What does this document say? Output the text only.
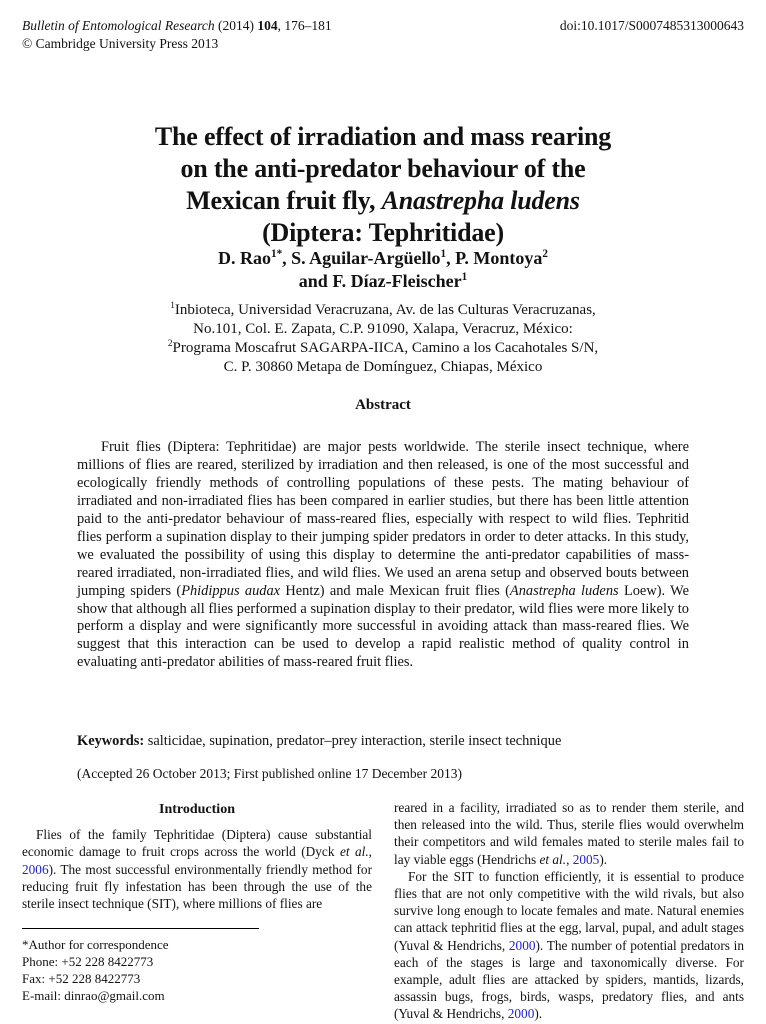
Bulletin of Entomological Research (2014) 104, 176–181	doi:10.1017/S0007485313000643
© Cambridge University Press 2013
The effect of irradiation and mass rearing
on the anti-predator behaviour of the
Mexican fruit fly, Anastrepha ludens
(Diptera: Tephritidae)
D. Rao$^{1*}$, S. Aguilar-Argüello$^1$, P. Montoya$^2$
and F. Díaz-Fleischer$^1$
$^1$Inbioteca, Universidad Veracruzana, Av. de las Culturas Veracruzanas,
No.101, Col. E. Zapata, C.P. 91090, Xalapa, Veracruz, México:
$^2$Programa Moscafrut SAGARPA-IICA, Camino a los Cacahotales S/N,
C. P. 30860 Metapa de Domínguez, Chiapas, México
Abstract

Fruit flies (Diptera: Tephritidae) are major pests worldwide. The sterile insect technique, where millions of flies are reared, sterilized by irradiation and then released, is one of the most successful and ecologically friendly methods of controlling populations of these pests. The mating behaviour of irradiated and non-irradiated flies has been compared in earlier studies, but there has been little attention paid to the anti-predator behaviour of mass-reared flies, especially with respect to wild flies. Tephritid flies perform a supination display to their jumping spider predators in order to deter attacks. In this study, we evaluated the possibility of using this display to determine the anti-predator capabilities of mass-reared irradiated, non-irradiated flies, and wild flies. We used an arena setup and observed bouts between jumping spiders (Phidippus audax Hentz) and male Mexican fruit flies (Anastrepha ludens Loew). We show that although all flies performed a supination display to their predator, wild flies were more likely to perform a display and were significantly more successful in avoiding attack than mass-reared flies. We suggest that this interaction can be used to develop a rapid realistic method of quality control in evaluating anti-predator abilities of mass-reared fruit flies.

Keywords: salticidae, supination, predator–prey interaction, sterile insect technique

(Accepted 26 October 2013; First published online 17 December 2013)
Introduction

Flies of the family Tephritidae (Diptera) cause substantial economic damage to fruit crops across the world (Dyck et al., 2006). The most successful environmentally friendly method for reducing fruit fly infestation has been through the use of the sterile insect technique (SIT), where millions of flies are

reared in a facility, irradiated so as to render them sterile, and then released into the wild. Thus, sterile flies would overwhelm their competitors and wild females mated to sterile males fail to lay viable eggs (Hendrichs et al., 2005).

For the SIT to function efficiently, it is essential to produce flies that are not only competitive with the wild rivals, but also survive long enough to locate females and mate. Natural enemies can attack tephritid flies at the egg, larval, pupal, and adult stages (Yuval & Hendrichs, 2000). The number of potential predators in each of the stages is large and taxonomically diverse. For example, adult flies are attacked by spiders, mantids, lizards, assassin bugs, frogs, birds, wasps, predatory flies, and ants (Yuval & Hendrichs, 2000).

*Author for correspondence
Phone: +52 228 8422773
Fax: +52 228 8422773
E-mail: dinrao@gmail.com
